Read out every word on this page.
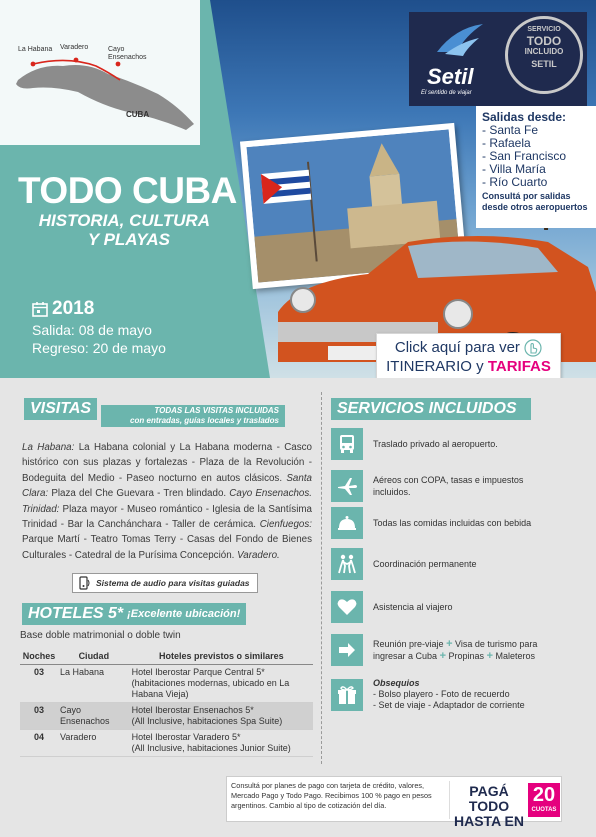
La Habana Varadero	Cayo Ensenachos
CUBA
TODO CUBA
HISTORIA, CULTURA
Y PLAYAS
2018
Salida: 08 de mayo
Regreso: 20 de mayo
Setil
El sentido de viajar
SERVICIO
TODO
INCLUIDO
SETIL
Salidas desde:
- Santa Fe
- Rafaela
- San Francisco
- Villa María
- Río Cuarto
Consultá por salidas desde otros aeropuertos
Click aquí para ver
ITINERARIO y TARIFAS
VISITAS	TODAS LAS VISITAS INCLUIDAS
con entradas, guías locales y traslados
La Habana: La Habana colonial y La Habana moderna - Casco histórico con sus plazas y fortalezas - Plaza de la Revolución - Bodeguita del Medio - Paseo nocturno en autos clásicos. Santa Clara: Plaza del Che Guevara - Tren blindado. Cayo Ensenachos. Trinidad: Plaza mayor - Museo romántico - Iglesia de la Santísima Trinidad - Bar la Canchánchara - Taller de cerámica. Cienfuegos: Parque Martí - Teatro Tomas Terry - Casas del Fondo de Bienes Culturales - Catedral de la Purísima Concepción. Varadero.
Sistema de audio para visitas guiadas
HOTELES 5* ¡Excelente ubicación!
Base doble matrimonial o doble twin
Noches	Ciudad	Hoteles previstos o similares
03	La Habana	Hotel Iberostar Parque Central 5*
(habitaciones modernas, ubicado en La Habana Vieja)

03	Cayo Ensenachos	Hotel Iberostar Ensenachos 5*
(All Inclusive, habitaciones Spa Suite)

04	Varadero	Hotel Iberostar Varadero 5*
(All Inclusive, habitaciones Junior Suite)
SERVICIOS INCLUIDOS
Traslado privado al aeropuerto.
Aéreos con COPA, tasas e impuestos incluidos.
Todas las comidas incluidas con bebida
Coordinación permanente
Asistencia al viajero
Reunión pre-viaje + Visa de turismo para ingresar a Cuba + Propinas + Maleteros
Obsequios
- Bolso playero - Foto de recuerdo
- Set de viaje - Adaptador de corriente
Consultá por planes de pago con tarjeta de crédito, valores, Mercado Pago y Todo Pago. Recibimos 100 % pago en pesos argentinos. Cambio al tipo de cotización del día.
PAGÁ TODO
HASTA EN
20
CUOTAS
